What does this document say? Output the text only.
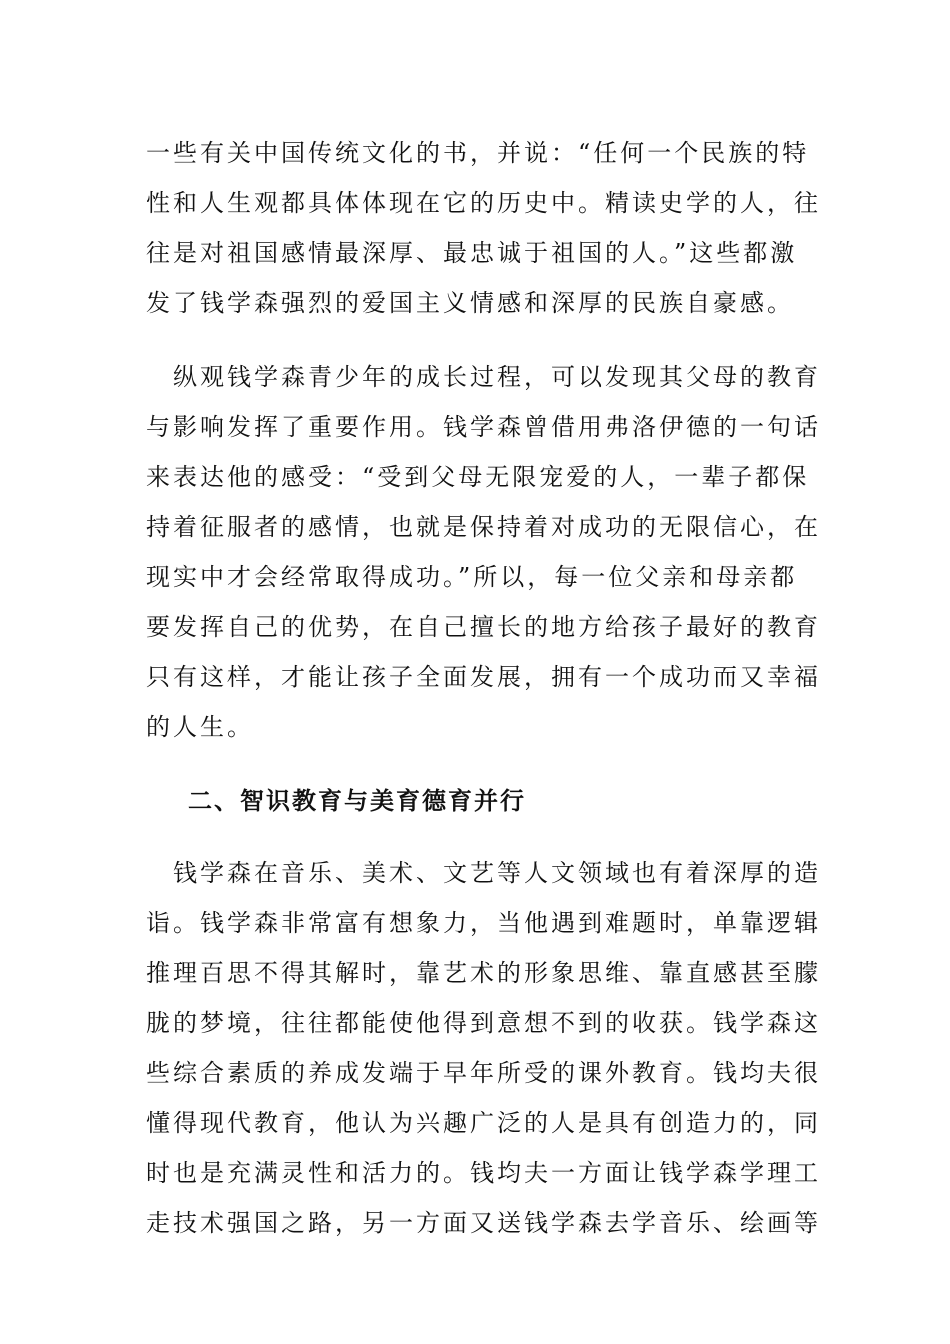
一些有关中国传统文化的书，并说：“任何一个民族的特

性和人生观都具体体现在它的历史中。精读史学的人，往

往是对祖国感情最深厚、最忠诚于祖国的人。”这些都激

发了钱学森强烈的爱国主义情感和深厚的民族自豪感。

　纵观钱学森青少年的成长过程，可以发现其父母的教育

与影响发挥了重要作用。钱学森曾借用弗洛伊德的一句话

来表达他的感受：“受到父母无限宠爱的人，一辈子都保

持着征服者的感情，也就是保持着对成功的无限信心，在

现实中才会经常取得成功。”所以，每一位父亲和母亲都

要发挥自己的优势，在自己擅长的地方给孩子最好的教育

只有这样，才能让孩子全面发展，拥有一个成功而又幸福

的人生。

二、智识教育与美育德育并行

　钱学森在音乐、美术、文艺等人文领域也有着深厚的造

诣。钱学森非常富有想象力，当他遇到难题时，单靠逻辑

推理百思不得其解时，靠艺术的形象思维、靠直感甚至朦

胧的梦境，往往都能使他得到意想不到的收获。钱学森这

些综合素质的养成发端于早年所受的课外教育。钱均夫很

懂得现代教育，他认为兴趣广泛的人是具有创造力的，同

时也是充满灵性和活力的。钱均夫一方面让钱学森学理工

走技术强国之路，另一方面又送钱学森去学音乐、绘画等
